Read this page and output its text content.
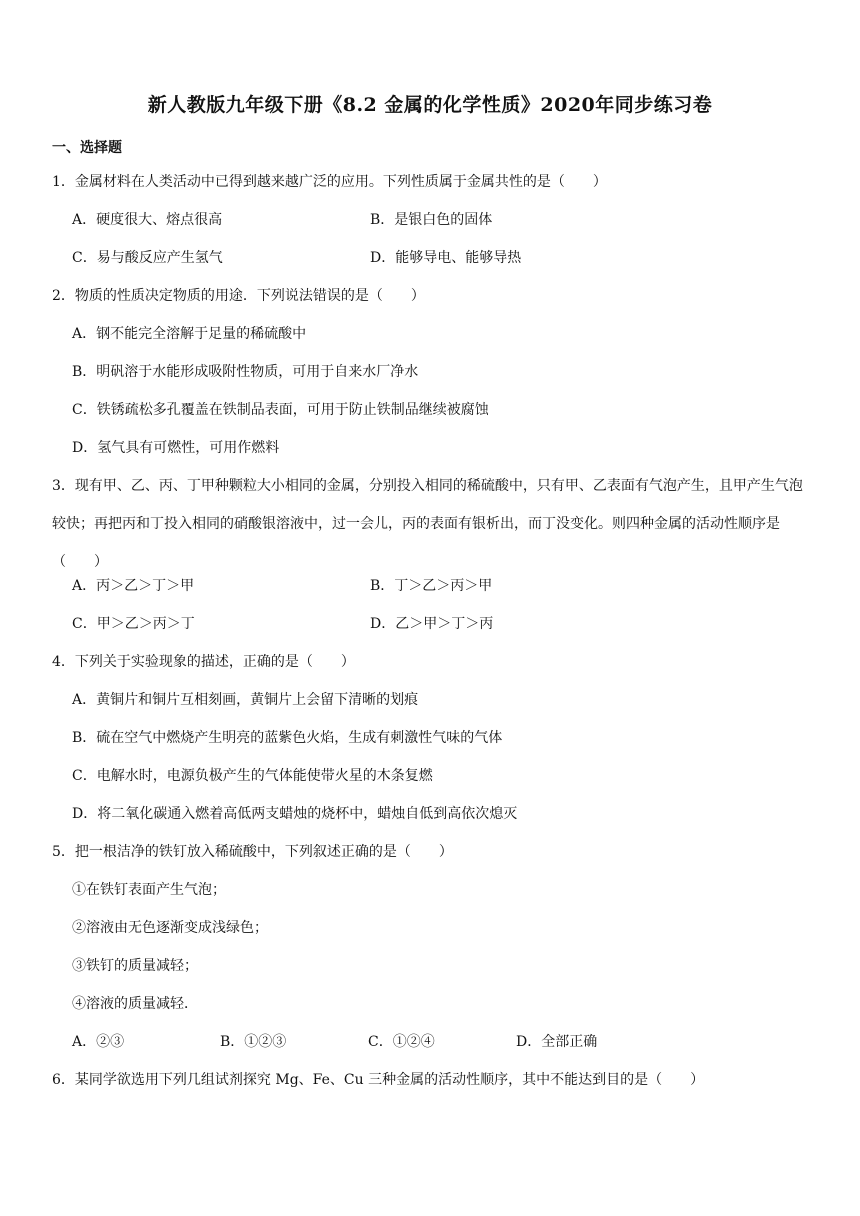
新人教版九年级下册《8.2 金属的化学性质》2020年同步练习卷
一、选择题
1．金属材料在人类活动中已得到越来越广泛的应用。下列性质属于金属共性的是（　　）
A．硬度很大、熔点很高	B．是银白色的固体
C．易与酸反应产生氢气	D．能够导电、能够导热
2．物质的性质决定物质的用途．下列说法错误的是（　　）
A．钢不能完全溶解于足量的稀硫酸中
B．明矾溶于水能形成吸附性物质，可用于自来水厂净水
C．铁锈疏松多孔覆盖在铁制品表面，可用于防止铁制品继续被腐蚀
D．氢气具有可燃性，可用作燃料
3．现有甲、乙、丙、丁甲种颗粒大小相同的金属，分别投入相同的稀硫酸中，只有甲、乙表面有气泡产生，且甲产生气泡较快；再把丙和丁投入相同的硝酸银溶液中，过一会儿，丙的表面有银析出，而丁没变化。则四种金属的活动性顺序是（　　）
A．丙＞乙＞丁＞甲	B．丁＞乙＞丙＞甲
C．甲＞乙＞丙＞丁	D．乙＞甲＞丁＞丙
4．下列关于实验现象的描述，正确的是（　　）
A．黄铜片和铜片互相刻画，黄铜片上会留下清晰的划痕
B．硫在空气中燃烧产生明亮的蓝紫色火焰，生成有刺激性气味的气体
C．电解水时，电源负极产生的气体能使带火星的木条复燃
D．将二氧化碳通入燃着高低两支蜡烛的烧杯中，蜡烛自低到高依次熄灭
5．把一根洁净的铁钉放入稀硫酸中，下列叙述正确的是（　　）
①在铁钉表面产生气泡；
②溶液由无色逐渐变成浅绿色；
③铁钉的质量减轻；
④溶液的质量减轻．
A．②③	B．①②③	C．①②④	D．全部正确
6．某同学欲选用下列几组试剂探究 Mg、Fe、Cu 三种金属的活动性顺序，其中不能达到目的是（　　）
